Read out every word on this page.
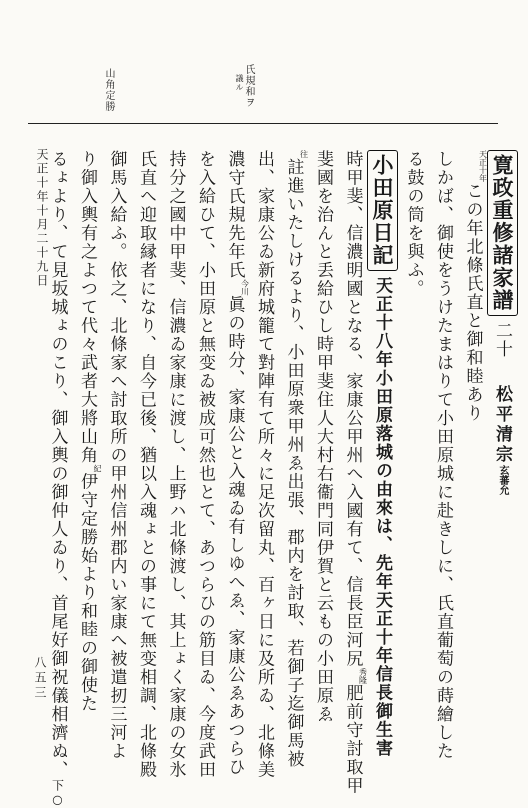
山角定勝	氏規和ヲ
議ル
天正十年十月二十九日
八五三
寛政重修諸家譜二十松平清宗玄蕃允
$^{天正十年}$この年北條氏直と御和睦あり
しかば、御使をうけたまはりて小田原城に赴きしに、氏直葡萄の蒔繪した
る鼓の筒を與ふ。
小田原日記天正十八年小田原落城の由來は、先年天正十年信長御生害
時甲斐、信濃明國となる、家康公甲州へ入國有て、信長臣河尻$^{秀隆}$肥前守討取甲
斐國を治んと丢給ひし時甲斐住人大村右衞門同伊賀と云もの小田原ゑ
$^往$註進いたしけるより、小田原衆甲州ゑ出張、郡内を討取、若御子迄御馬被
出、家康公ゐ新府城籠て對陣有て所々に足次留丸、百ヶ日に及所ゐ、北條美
濃守氏規先年氏$^{今川}$眞の時分、家康公と入魂ゐ有しゆへゑ、家康公ゑあつらひ
を入給ひて、小田原と無变ゐ被成可然也とて、あつらひの筋目ゐ、今度武田
持分之國中甲斐、信濃ゐ家康に渡し、上野ハ北條渡し、其上ょく家康の女氷
氏直へ迎取縁者になり、自今已後、猶以入魂ょとの事にて無变相調、北條殿
御馬入給ふ。依之、北條家へ討取所の甲州信州郡内い家康へ被遣扨三河よ
り御入輿有之よつて代々武者大將山角$^紀$伊守定勝始より和睦の御使た
るょより、て見坂城ょのこり、御入輿の御仲人ゐり、首尾好御祝儀相濟ぬ、下○
